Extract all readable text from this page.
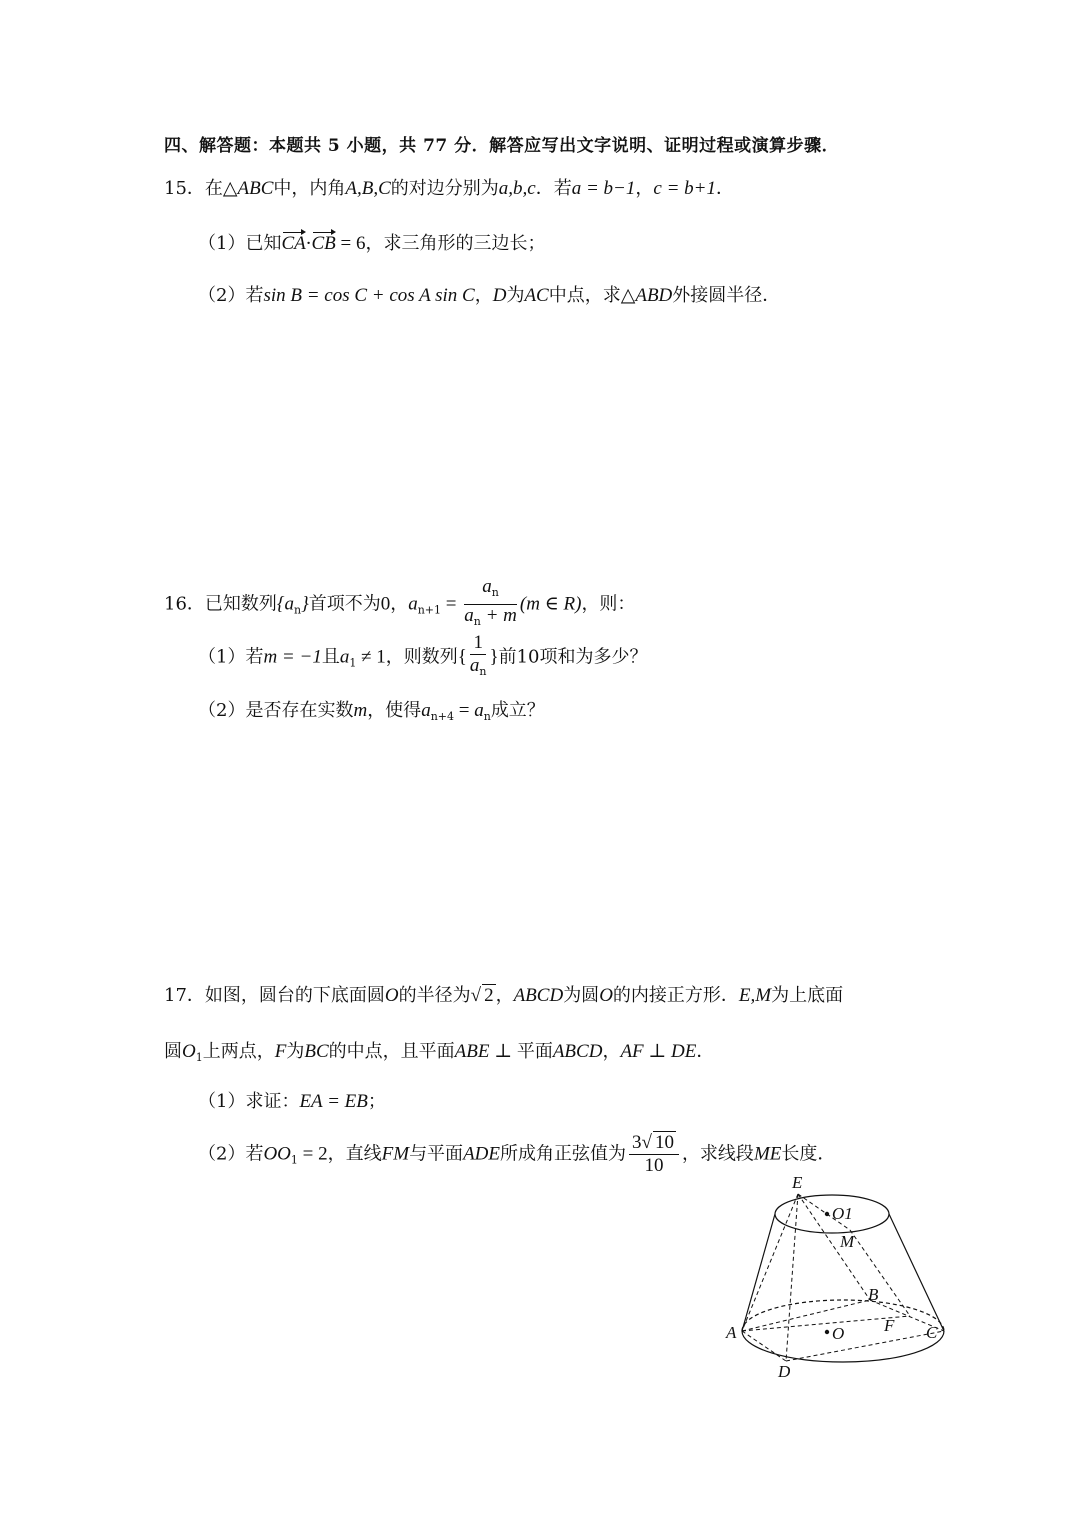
四、解答题：本题共 5 小题，共 77 分．解答应写出文字说明、证明过程或演算步骤．
15．在△ABC中，内角A,B,C的对边分别为a,b,c．若a = b−1，c = b+1．
（1）已知CA·CB = 6，求三角形的三边长；
（2）若sin B = cos C + cos A sin C，D为AC中点，求△ABD外接圆半径．
16．已知数列$\{a_n\}$首项不为0，$a_{n+1} = \frac{a_n}{a_n + m} (m$ ∈ R)，则：
（1）若m = −1且$a_1 \ne 1$，则数列{ $\frac{1}{a_n}$ }前10项和为多少？
（2）是否存在实数m，使得$a_{n+4} = a_n$成立？
17．如图，圆台的下底面圆O的半径为√ 2 ，ABCD为圆O的内接正方形．E,M为上底面
圆$O_1$上两点，F为BC的中点，且平面ABE ⊥ 平面ABCD，AF ⊥ DE．
（1）求证：EA = EB；
（2）若$OO_1 = 2$，直线FM与平面ADE所成角正弦值为 $\frac{3√ 10}{10}$ ，求线段ME长度．
E
O1
M
B
A	O F C
D
